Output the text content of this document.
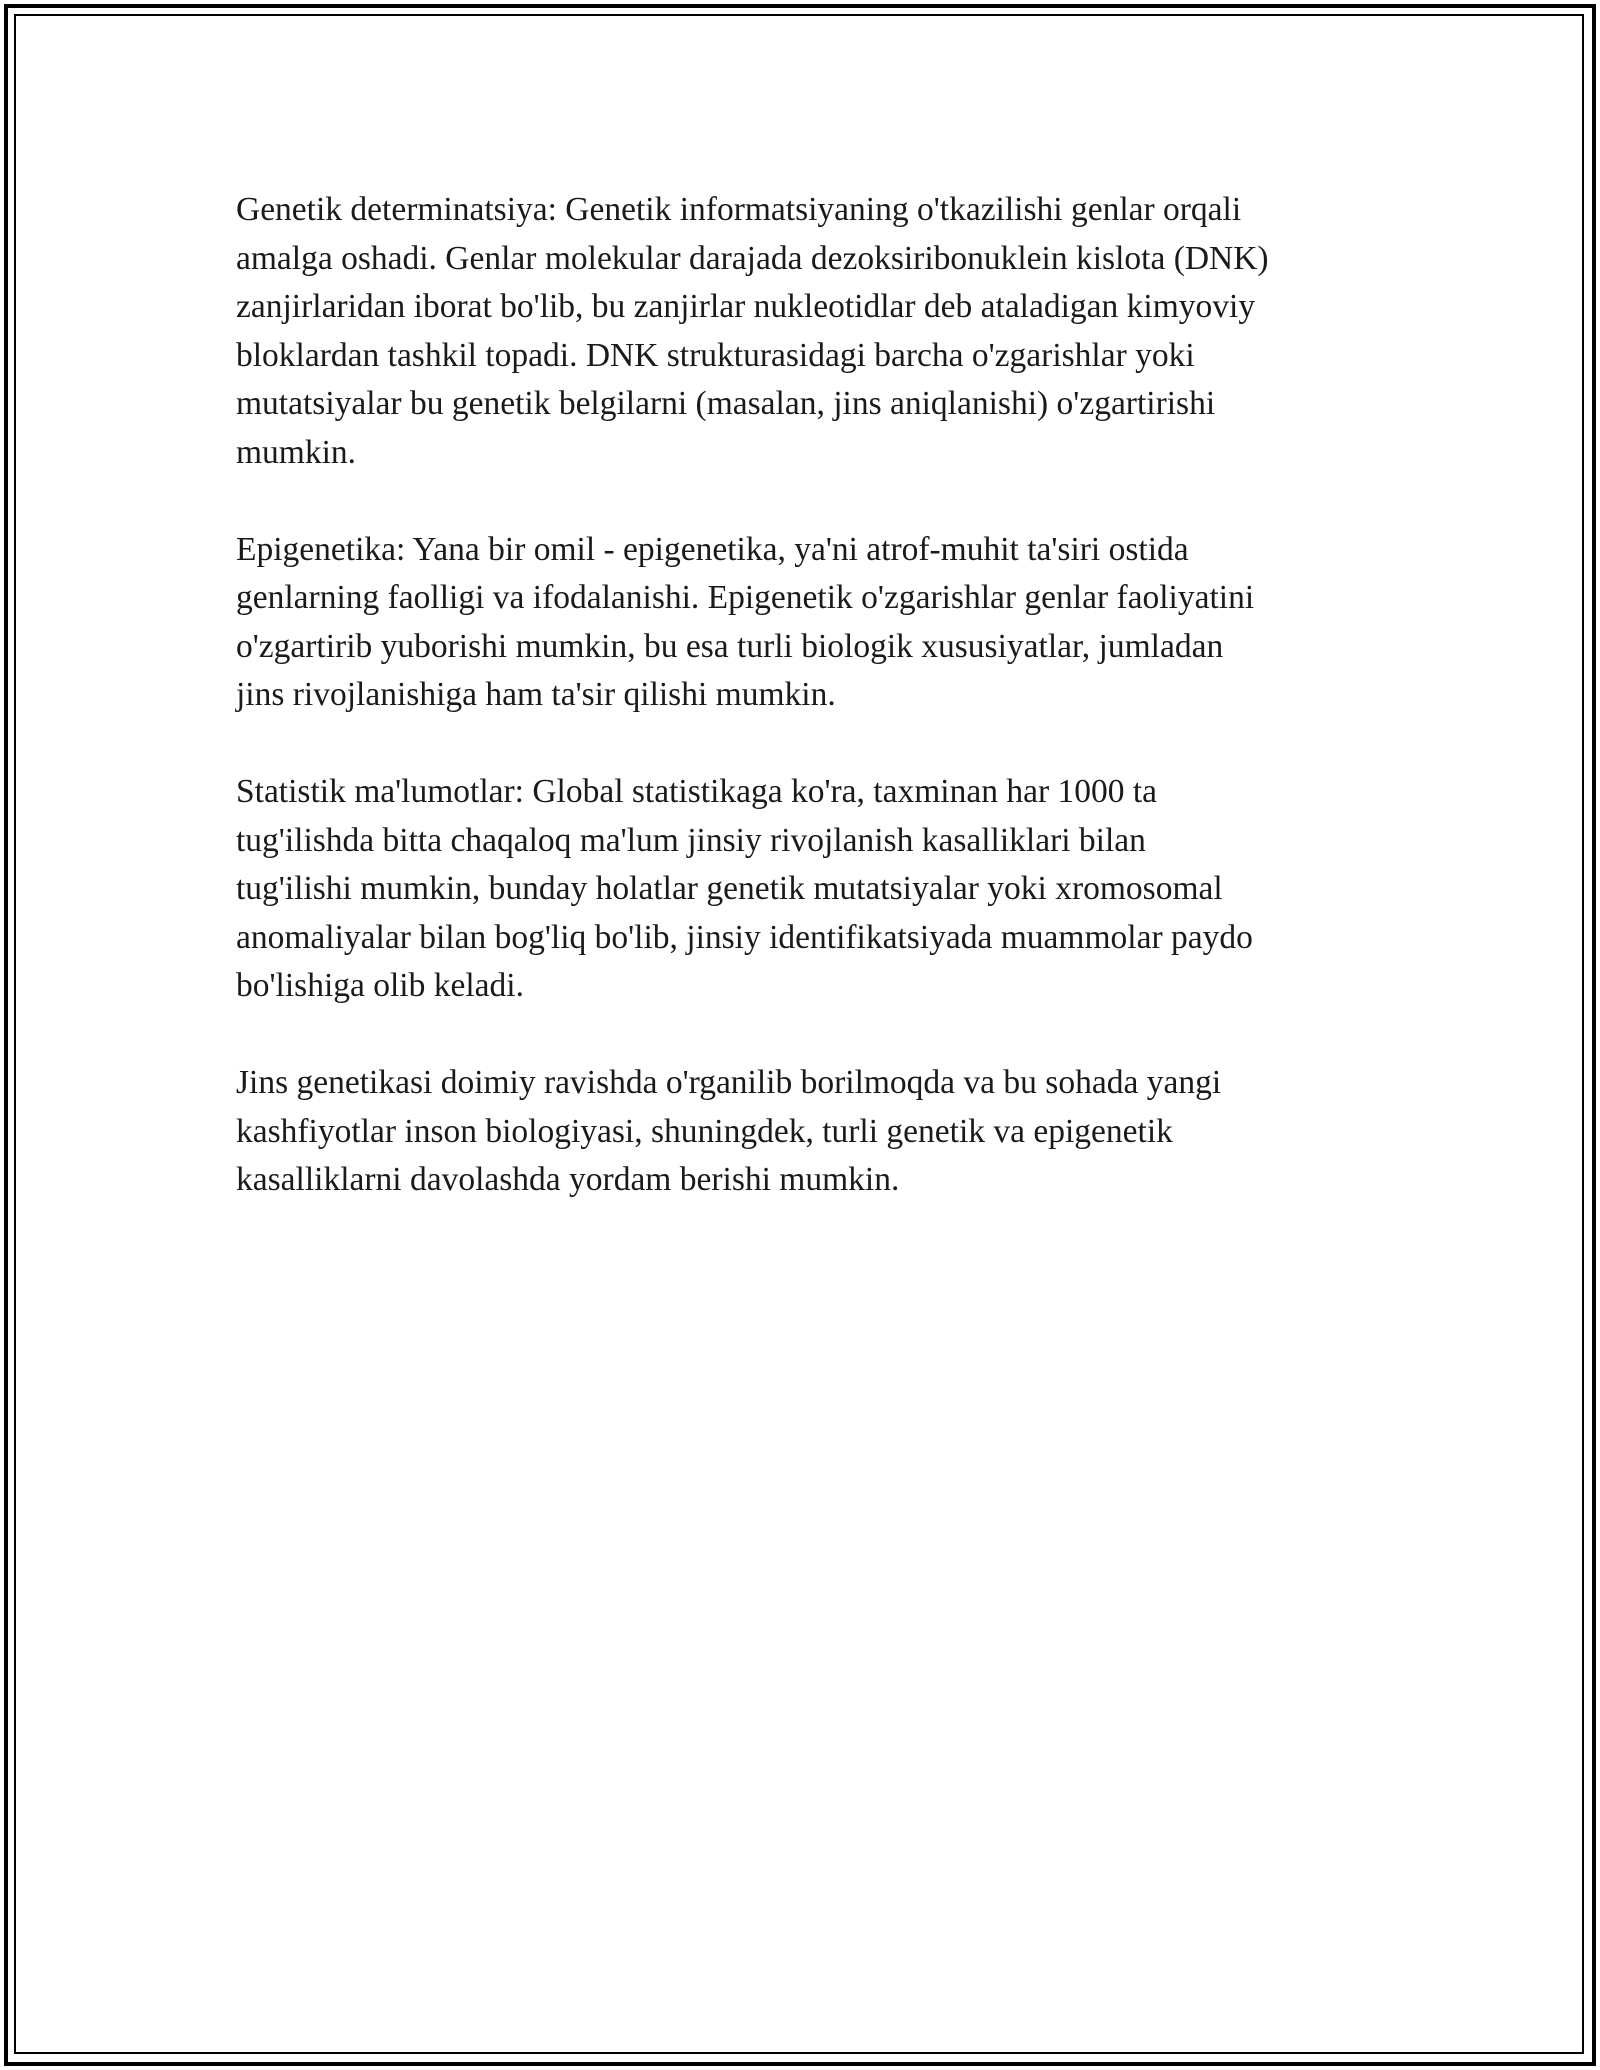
Genetik determinatsiya: Genetik informatsiyaning o'tkazilishi genlar orqali
amalga oshadi. Genlar molekular darajada dezoksiribonuklein kislota (DNK)
zanjirlaridan iborat bo'lib, bu zanjirlar nukleotidlar deb ataladigan kimyoviy
bloklardan tashkil topadi. DNK strukturasidagi barcha o'zgarishlar yoki
mutatsiyalar bu genetik belgilarni (masalan, jins aniqlanishi) o'zgartirishi
mumkin.

Epigenetika: Yana bir omil - epigenetika, ya'ni atrof-muhit ta'siri ostida
genlarning faolligi va ifodalanishi. Epigenetik o'zgarishlar genlar faoliyatini
o'zgartirib yuborishi mumkin, bu esa turli biologik xususiyatlar, jumladan
jins rivojlanishiga ham ta'sir qilishi mumkin.

Statistik ma'lumotlar: Global statistikaga ko'ra, taxminan har 1000 ta
tug'ilishda bitta chaqaloq ma'lum jinsiy rivojlanish kasalliklari bilan
tug'ilishi mumkin, bunday holatlar genetik mutatsiyalar yoki xromosomal
anomaliyalar bilan bog'liq bo'lib, jinsiy identifikatsiyada muammolar paydo
bo'lishiga olib keladi.

Jins genetikasi doimiy ravishda o'rganilib borilmoqda va bu sohada yangi
kashfiyotlar inson biologiyasi, shuningdek, turli genetik va epigenetik
kasalliklarni davolashda yordam berishi mumkin.
